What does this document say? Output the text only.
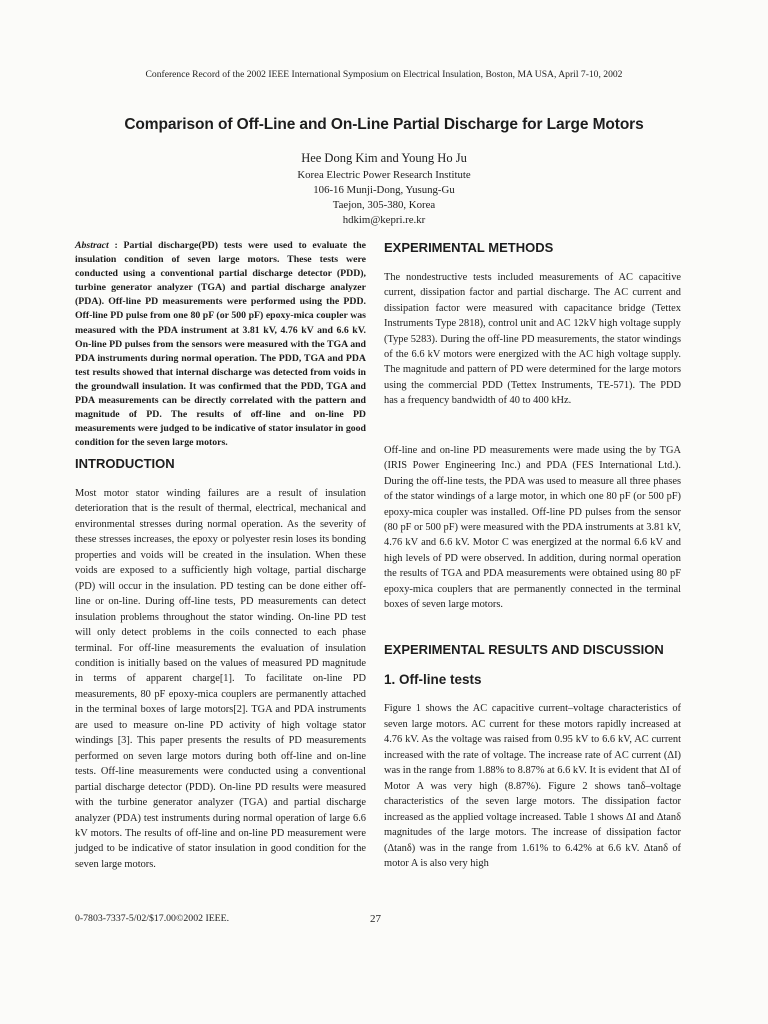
Conference Record of the 2002 IEEE International Symposium on Electrical Insulation, Boston, MA USA, April 7-10, 2002
Comparison of Off-Line and On-Line Partial Discharge for Large Motors
Hee Dong Kim and Young Ho Ju
Korea Electric Power Research Institute
106-16 Munji-Dong, Yusung-Gu
Taejon, 305-380, Korea
hdkim@kepri.re.kr
Abstract : Partial discharge(PD) tests were used to evaluate the insulation condition of seven large motors. These tests were conducted using a conventional partial discharge detector (PDD), turbine generator analyzer (TGA) and partial discharge analyzer (PDA). Off-line PD measurements were performed using the PDD. Off-line PD pulse from one 80 pF (or 500 pF) epoxy-mica coupler was measured with the PDA instrument at 3.81 kV, 4.76 kV and 6.6 kV. On-line PD pulses from the sensors were measured with the TGA and PDA instruments during normal operation. The PDD, TGA and PDA test results showed that internal discharge was detected from voids in the groundwall insulation. It was confirmed that the PDD, TGA and PDA measurements can be directly correlated with the pattern and magnitude of PD. The results of off-line and on-line PD measurements were judged to be indicative of stator insulator in good condition for the seven large motors.
INTRODUCTION
Most motor stator winding failures are a result of insulation deterioration that is the result of thermal, electrical, mechanical and environmental stresses during normal operation. As the severity of these stresses increases, the epoxy or polyester resin loses its bonding properties and voids will be created in the insulation. When these voids are exposed to a sufficiently high voltage, partial discharge (PD) will occur in the insulation. PD testing can be done either off-line or on-line. During off-line tests, PD measurements can detect insulation problems throughout the stator winding. On-line PD test will only detect problems in the coils connected to each phase terminal. For off-line measurements the evaluation of insulation condition is initially based on the values of measured PD magnitude in terms of apparent charge[1]. To facilitate on-line PD measurements, 80 pF epoxy-mica couplers are permanently attached in the terminal boxes of large motors[2]. TGA and PDA instruments are used to measure on-line PD activity of high voltage stator windings [3]. This paper presents the results of PD measurements performed on seven large motors during both off-line and on-line tests. Off-line measurements were conducted using a conventional partial discharge detector (PDD). On-line PD results were measured with the turbine generator analyzer (TGA) and partial discharge analyzer (PDA) test instruments during normal operation of large 6.6 kV motors. The results of off-line and on-line PD measurement were judged to be indicative of stator insulation in good condition for the seven large motors.
EXPERIMENTAL METHODS
The nondestructive tests included measurements of AC capacitive current, dissipation factor and partial discharge. The AC current and dissipation factor were measured with capacitance bridge (Tettex Instruments Type 2818), control unit and AC 12kV high voltage supply (Type 5283). During the off-line PD measurements, the stator windings of the 6.6 kV motors were energized with the AC high voltage supply. The magnitude and pattern of PD were determined for the large motors using the commercial PDD (Tettex Instruments, TE-571). The PDD has a frequency bandwidth of 40 to 400 kHz.
Off-line and on-line PD measurements were made using the by TGA (IRIS Power Engineering Inc.) and PDA (FES International Ltd.). During the off-line tests, the PDA was used to measure all three phases of the stator windings of a large motor, in which one 80 pF (or 500 pF) epoxy-mica coupler was installed. Off-line PD pulses from the sensor (80 pF or 500 pF) were measured with the PDA instruments at 3.81 kV, 4.76 kV and 6.6 kV. Motor C was energized at the normal 6.6 kV and high levels of PD were observed. In addition, during normal operation the results of TGA and PDA measurements were obtained using 80 pF epoxy-mica couplers that are permanently connected in the terminal boxes of seven large motors.
EXPERIMENTAL RESULTS AND DISCUSSION
1. Off-line tests
Figure 1 shows the AC capacitive current–voltage characteristics of seven large motors. AC current for these motors rapidly increased at 4.76 kV. As the voltage was raised from 0.95 kV to 6.6 kV, AC current increased with the rate of voltage. The increase rate of AC current (ΔI) was in the range from 1.88% to 8.87% at 6.6 kV. It is evident that ΔI of Motor A was very high (8.87%). Figure 2 shows tanδ–voltage characteristics of the seven large motors. The dissipation factor increased as the applied voltage increased. Table 1 shows ΔI and Δtanδ magnitudes of the large motors. The increase of dissipation factor (Δtanδ) was in the range from 1.61% to 6.42% at 6.6 kV. Δtanδ of motor A is also very high
0-7803-7337-5/02/$17.00©2002 IEEE.	27
